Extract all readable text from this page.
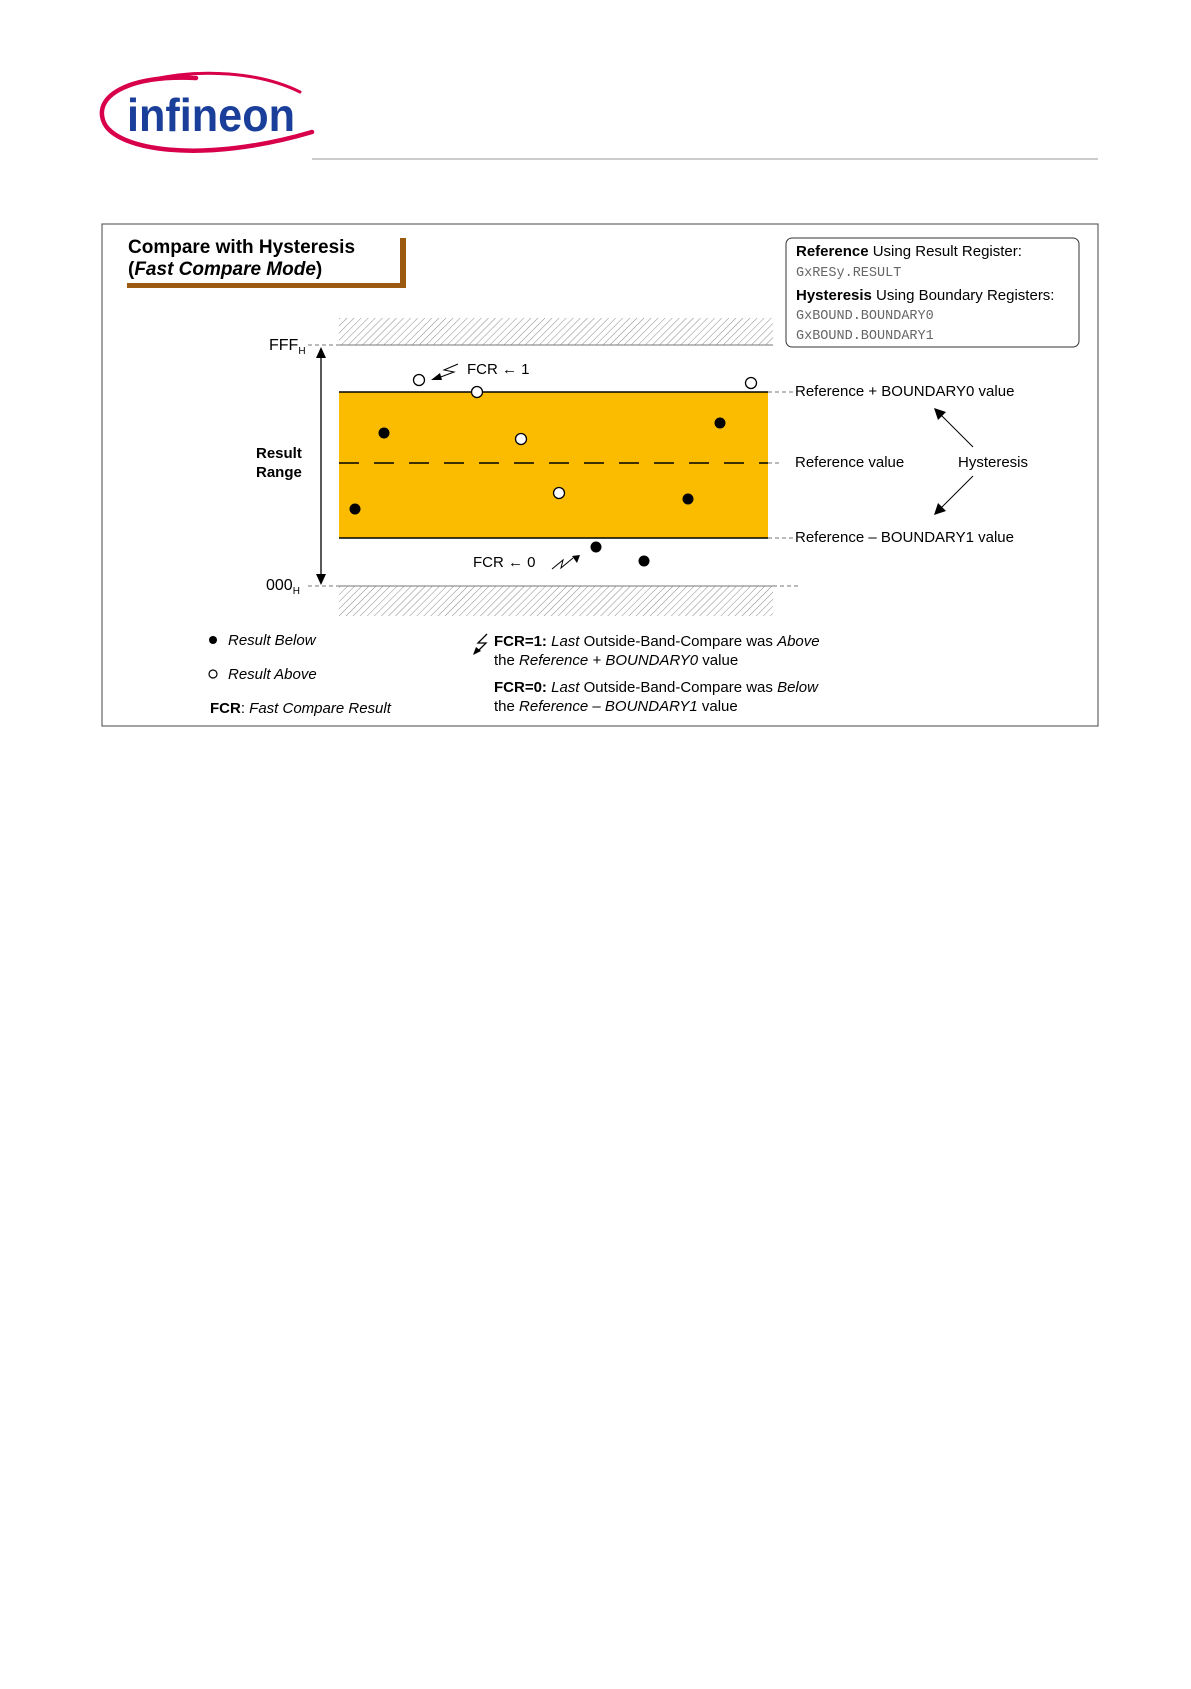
infineon
Compare with Hysteresis
(Fast Compare Mode)
Reference Using Result Register:
GxRESy.RESULT
Hysteresis Using Boundary Registers:
GxBOUND.BOUNDARY0
GxBOUND.BOUNDARY1
$FFF_H$
$000_H$
Result
Range
FCR ← 1
FCR ← 0
Reference + BOUNDARY0 value
Reference value
Reference – BOUNDARY1 value
Hysteresis
Result Below
Result Above
FCR: Fast Compare Result
FCR=1: Last Outside-Band-Compare was Above
the Reference + BOUNDARY0 value
FCR=0: Last Outside-Band-Compare was Below
the Reference – BOUNDARY1 value
